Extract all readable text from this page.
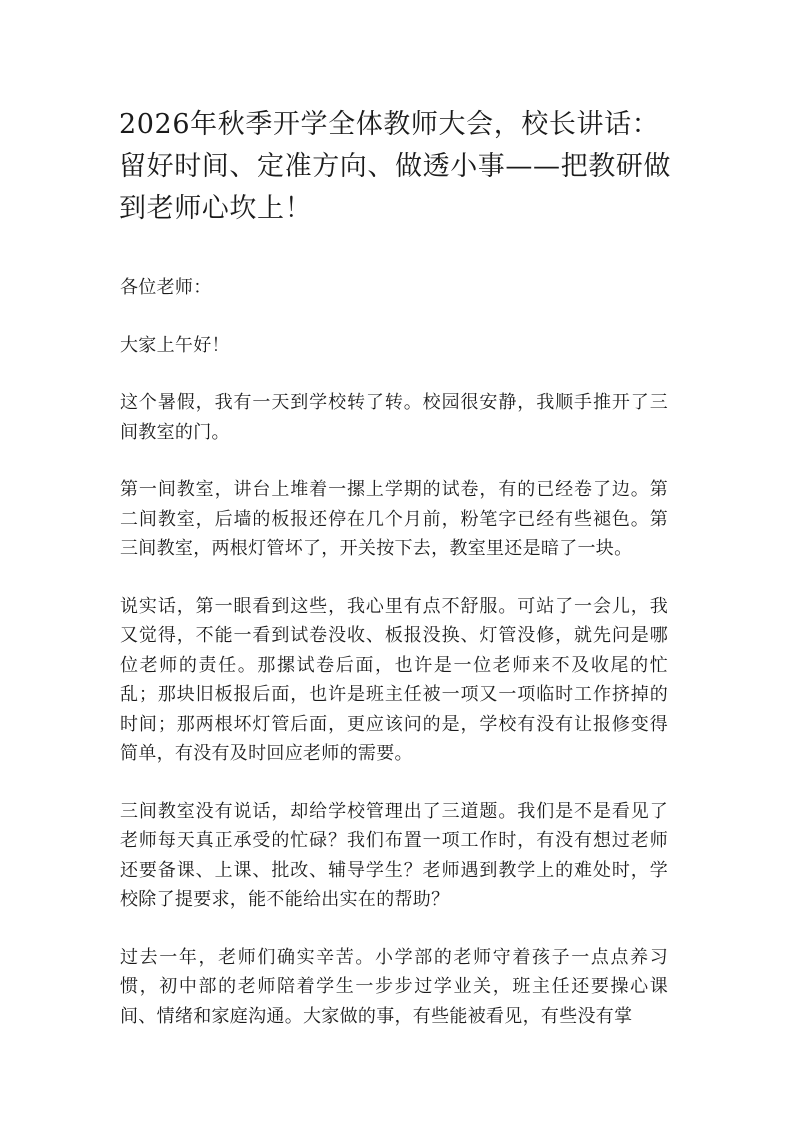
2026年秋季开学全体教师大会，校长讲话：留好时间、定准方向、做透小事——把教研做到老师心坎上！

各位老师：

大家上午好！

这个暑假，我有一天到学校转了转。校园很安静，我顺手推开了三间教室的门。

第一间教室，讲台上堆着一摞上学期的试卷，有的已经卷了边。第二间教室，后墙的板报还停在几个月前，粉笔字已经有些褪色。第三间教室，两根灯管坏了，开关按下去，教室里还是暗了一块。

说实话，第一眼看到这些，我心里有点不舒服。可站了一会儿，我又觉得，不能一看到试卷没收、板报没换、灯管没修，就先问是哪位老师的责任。那摞试卷后面，也许是一位老师来不及收尾的忙乱；那块旧板报后面，也许是班主任被一项又一项临时工作挤掉的时间；那两根坏灯管后面，更应该问的是，学校有没有让报修变得简单，有没有及时回应老师的需要。

三间教室没有说话，却给学校管理出了三道题。我们是不是看见了老师每天真正承受的忙碌？我们布置一项工作时，有没有想过老师还要备课、上课、批改、辅导学生？老师遇到教学上的难处时，学校除了提要求，能不能给出实在的帮助？

过去一年，老师们确实辛苦。小学部的老师守着孩子一点点养习惯，初中部的老师陪着学生一步步过学业关，班主任还要操心课间、情绪和家庭沟通。大家做的事，有些能被看见，有些没有掌
